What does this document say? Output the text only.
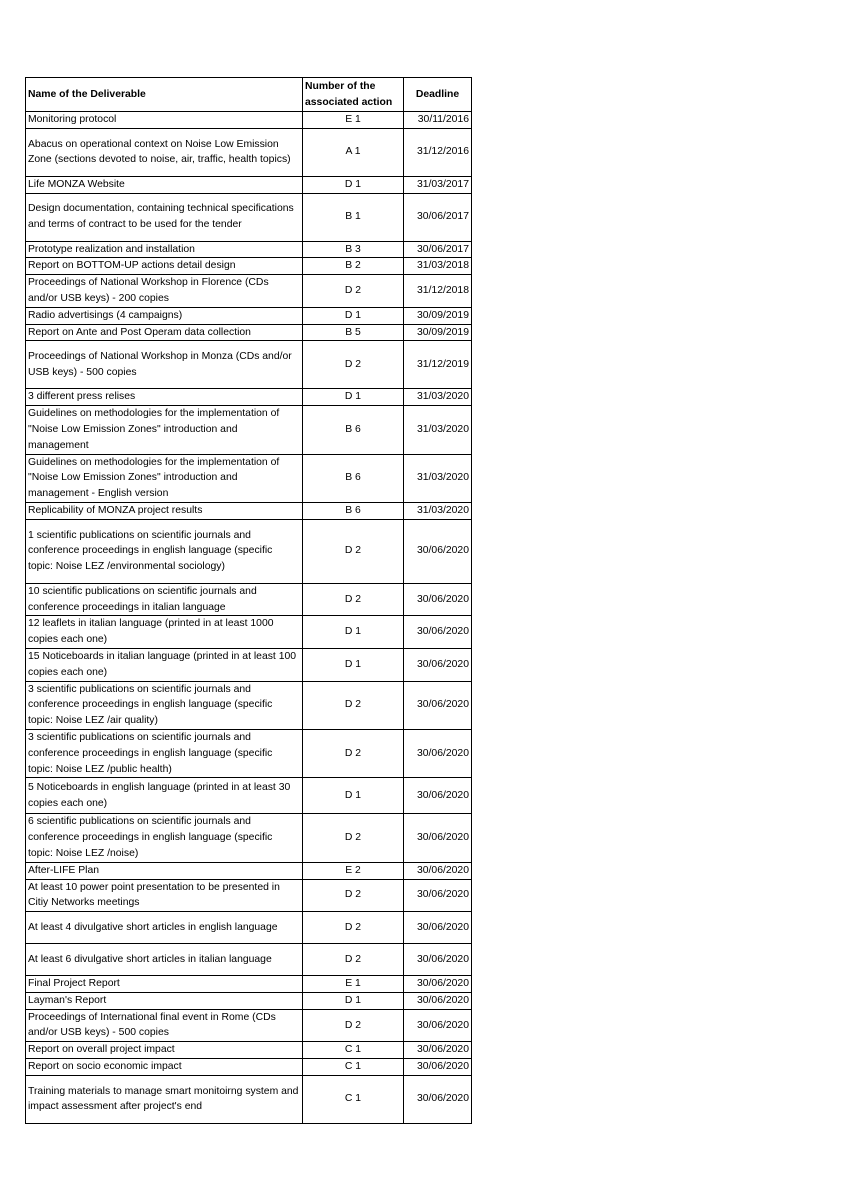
Name of the Deliverable	Number of the associated action	Deadline
Monitoring protocol	E 1	30/11/2016
Abacus on operational context on Noise Low Emission Zone (sections devoted to noise, air, traffic, health topics)	A 1	31/12/2016
Life MONZA Website	D 1	31/03/2017
Design documentation, containing technical specifications and terms of contract to be used for the tender	B 1	30/06/2017
Prototype realization and installation	B 3	30/06/2017
Report on BOTTOM-UP actions detail design	B 2	31/03/2018
Proceedings of National Workshop in Florence (CDs and/or USB keys) - 200 copies	D 2	31/12/2018
Radio advertisings (4 campaigns)	D 1	30/09/2019
Report on Ante and Post Operam data collection	B 5	30/09/2019
Proceedings of National Workshop in Monza (CDs and/or USB keys) - 500 copies	D 2	31/12/2019
3 different press relises	D 1	31/03/2020
Guidelines on methodologies for the implementation of "Noise Low Emission Zones" introduction and management	B 6	31/03/2020
Guidelines on methodologies for the implementation of "Noise Low Emission Zones" introduction and management - English version	B 6	31/03/2020
Replicability of MONZA project results	B 6	31/03/2020
1 scientific publications on scientific journals and conference proceedings in english language (specific topic: Noise LEZ /environmental sociology)	D 2	30/06/2020
10 scientific publications on scientific journals and conference proceedings in italian language	D 2	30/06/2020
12 leaflets in italian language (printed in at least 1000 copies each one)	D 1	30/06/2020
15 Noticeboards in italian language (printed in at least 100 copies each one)	D 1	30/06/2020
3 scientific publications on scientific journals and conference proceedings in english language (specific topic: Noise LEZ /air quality)	D 2	30/06/2020
3 scientific publications on scientific journals and conference proceedings in english language (specific topic: Noise LEZ /public health)	D 2	30/06/2020
5 Noticeboards in english language (printed in at least 30 copies each one)	D 1	30/06/2020
6 scientific publications on scientific journals and conference proceedings in english language (specific topic: Noise LEZ /noise)	D 2	30/06/2020
After-LIFE Plan	E 2	30/06/2020
At least 10 power point presentation to be presented in Citiy Networks meetings	D 2	30/06/2020
At least 4 divulgative short articles in english language	D 2	30/06/2020
At least 6 divulgative short articles in italian language	D 2	30/06/2020
Final Project Report	E 1	30/06/2020
Layman's Report	D 1	30/06/2020
Proceedings of International final event in Rome (CDs and/or USB keys) - 500 copies	D 2	30/06/2020
Report on overall project impact	C 1	30/06/2020
Report on socio economic impact	C 1	30/06/2020
Training materials to manage smart monitoirng system and impact assessment after project's end	C 1	30/06/2020
